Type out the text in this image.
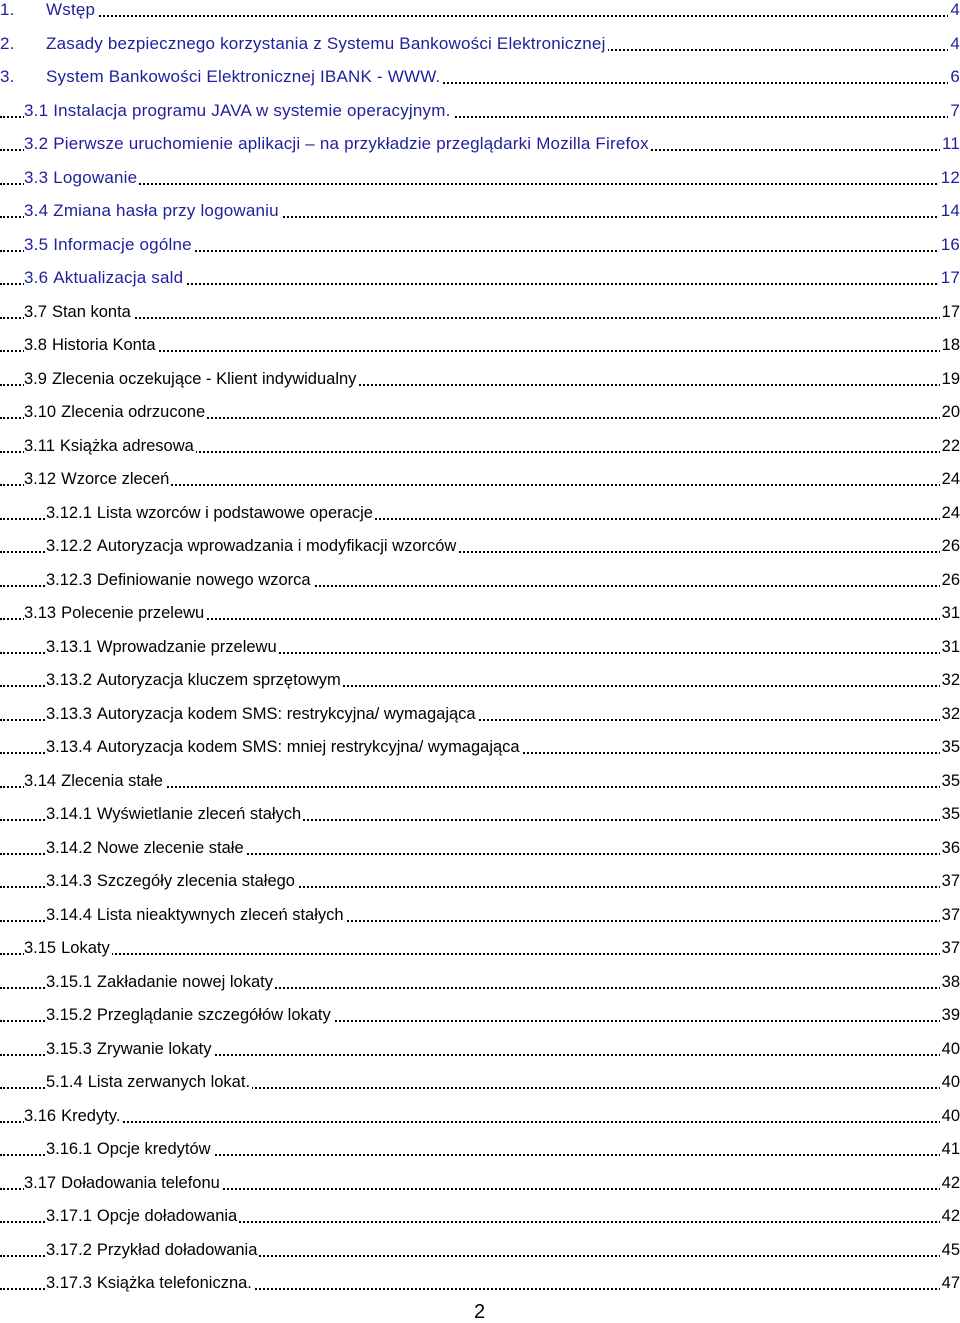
1. Wstęp	4
2. Zasady bezpiecznego korzystania z Systemu Bankowości Elektronicznej	4
3. System Bankowości Elektronicznej IBANK - WWW.	6
3.1 Instalacja programu JAVA w systemie operacyjnym.	7
3.2 Pierwsze uruchomienie aplikacji – na przykładzie przeglądarki Mozilla Firefox	11
3.3 Logowanie	12
3.4 Zmiana hasła przy logowaniu	14
3.5 Informacje ogólne	16
3.6 Aktualizacja sald	17
3.7 Stan konta	17
3.8 Historia Konta	18
3.9 Zlecenia oczekujące - Klient indywidualny	19
3.10 Zlecenia odrzucone	20
3.11 Książka adresowa	22
3.12 Wzorce zleceń	24
3.12.1 Lista wzorców i podstawowe operacje	24
3.12.2 Autoryzacja wprowadzania i modyfikacji wzorców	26
3.12.3 Definiowanie nowego wzorca	26
3.13 Polecenie przelewu	31
3.13.1 Wprowadzanie przelewu	31
3.13.2 Autoryzacja kluczem sprzętowym	32
3.13.3 Autoryzacja kodem SMS: restrykcyjna/ wymagająca	32
3.13.4 Autoryzacja kodem SMS: mniej restrykcyjna/ wymagająca	35
3.14 Zlecenia stałe	35
3.14.1 Wyświetlanie zleceń stałych	35
3.14.2 Nowe zlecenie stałe	36
3.14.3 Szczegóły zlecenia stałego	37
3.14.4 Lista nieaktywnych zleceń stałych	37
3.15 Lokaty	37
3.15.1 Zakładanie nowej lokaty	38
3.15.2 Przeglądanie szczegółów lokaty	39
3.15.3 Zrywanie lokaty	40
5.1.4 Lista zerwanych lokat.	40
3.16 Kredyty.	40
3.16.1 Opcje kredytów	41
3.17 Doładowania telefonu	42
3.17.1 Opcje doładowania	42
3.17.2 Przykład doładowania	45
3.17.3 Książka telefoniczna.	47
2
